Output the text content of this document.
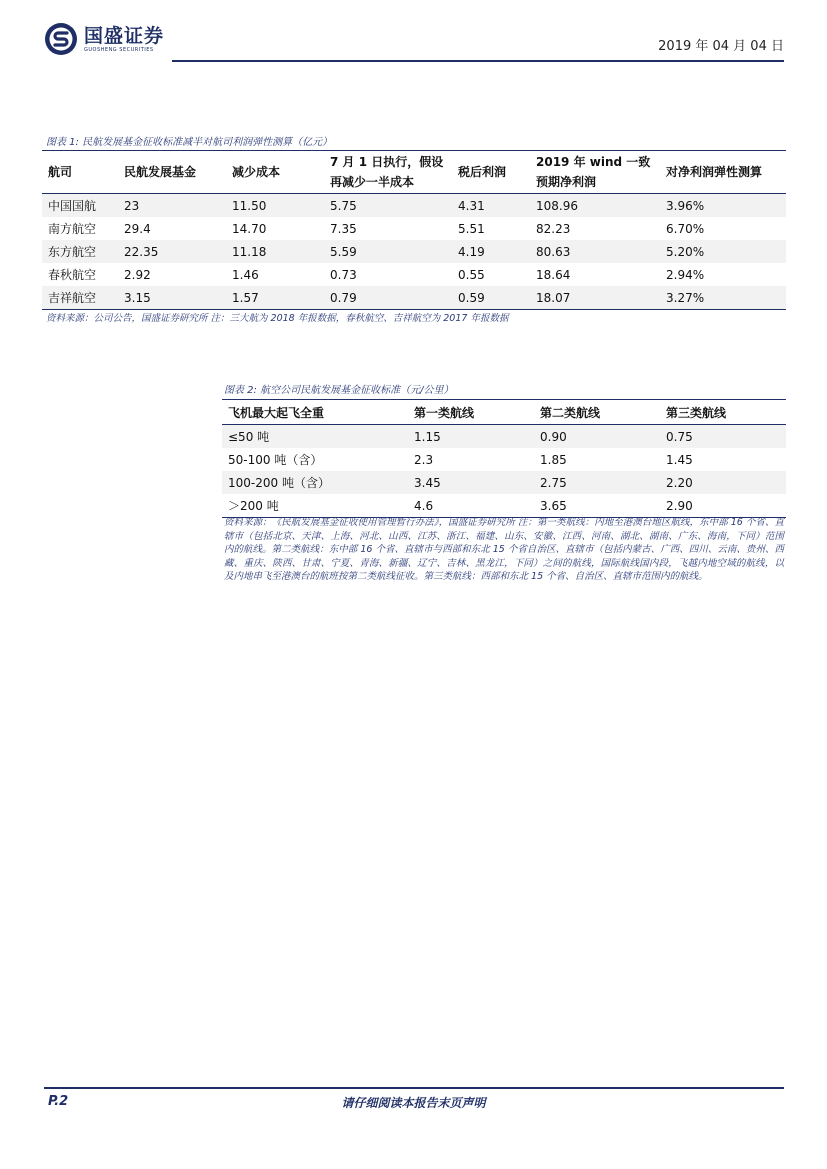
国盛证券
GUOSHENG SECURITIES	2019 年 04 月 04 日
图表 1: 民航发展基金征收标准减半对航司利润弹性测算（亿元）
航司	民航发展基金	减少成本	7 月 1 日执行，假设再减少一半成本	税后利润	2019 年 wind 一致预期净利润	对净利润弹性测算
中国国航	23	11.50	5.75	4.31	108.96	3.96%
南方航空	29.4	14.70	7.35	5.51	82.23	6.70%
东方航空	22.35	11.18	5.59	4.19	80.63	5.20%
春秋航空	2.92	1.46	0.73	0.55	18.64	2.94%
吉祥航空	3.15	1.57	0.79	0.59	18.07	3.27%
资料来源：公司公告，国盛证券研究所 注：三大航为 2018 年报数据，春秋航空、吉祥航空为 2017 年报数据
图表 2: 航空公司民航发展基金征收标准（元/公里）
飞机最大起飞全重	第一类航线	第二类航线	第三类航线
≤50 吨	1.15	0.90	0.75
50-100 吨（含）	2.3	1.85	1.45
100-200 吨（含）	3.45	2.75	2.20
＞200 吨	4.6	3.65	2.90
资料来源：《民航发展基金征收使用管理暂行办法》，国盛证券研究所 注：第一类航线：内地至港澳台地区航线，东中部 16 个省、直辖市（包括北京、天津、上海、河北、山西、江苏、浙江、福建、山东、安徽、江西、河南、湖北、湖南、广东、海南，下同）范围内的航线。第二类航线：东中部 16 个省、直辖市与西部和东北 15 个省自治区、直辖市（包括内蒙古、广西、四川、云南、贵州、西藏、重庆、陕西、甘肃、宁夏、青海、新疆、辽宁、吉林、黑龙江，下同）之间的航线，国际航线国内段，飞越内地空域的航线，以及内地串飞至港澳台的航班按第二类航线征收。第三类航线：西部和东北 15 个省、自治区、直辖市范围内的航线。
P.2	请仔细阅读本报告末页声明
